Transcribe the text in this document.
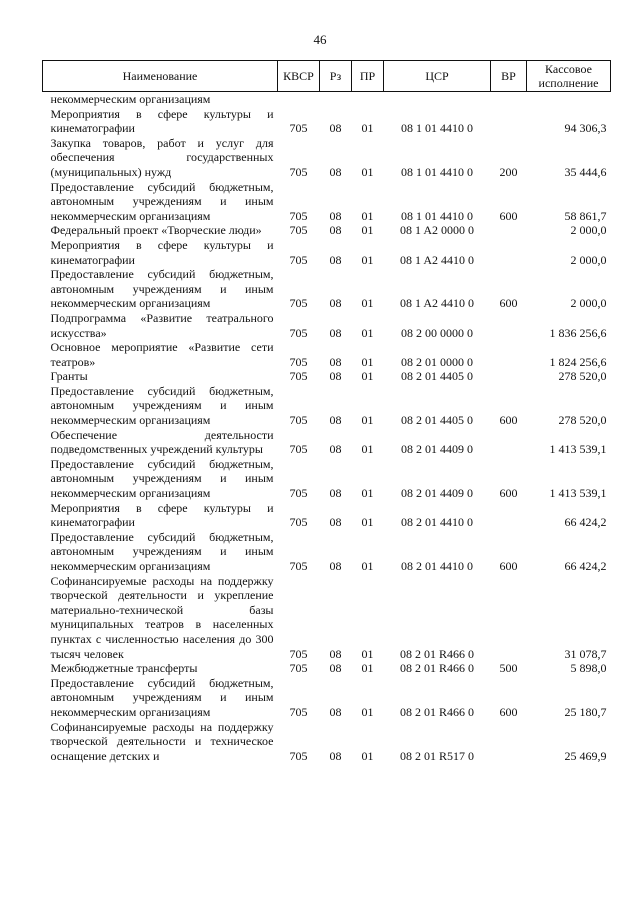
46
Наименование	КВСР	Рз	ПР	ЦСР	ВР	Кассовое исполнение
некоммерческим организациям						
Мероприятия в сфере культуры и кинематографии	705	08	01	08 1 01 4410 0		94 306,3
Закупка товаров, работ и услуг для обеспечения государственных (муниципальных) нужд	705	08	01	08 1 01 4410 0	200	35 444,6
Предоставление субсидий бюджетным, автономным учреждениям и иным некоммерческим организациям	705	08	01	08 1 01 4410 0	600	58 861,7
Федеральный проект «Творческие люди»	705	08	01	08 1 A2 0000 0		2 000,0
Мероприятия в сфере культуры и кинематографии	705	08	01	08 1 A2 4410 0		2 000,0
Предоставление субсидий бюджетным, автономным учреждениям и иным некоммерческим организациям	705	08	01	08 1 A2 4410 0	600	2 000,0
Подпрограмма «Развитие театрального искусства»	705	08	01	08 2 00 0000 0		1 836 256,6
Основное мероприятие «Развитие сети театров»	705	08	01	08 2 01 0000 0		1 824 256,6
Гранты	705	08	01	08 2 01 4405 0		278 520,0
Предоставление субсидий бюджетным, автономным учреждениям и иным некоммерческим организациям	705	08	01	08 2 01 4405 0	600	278 520,0
Обеспечение деятельности подведомственных учреждений культуры	705	08	01	08 2 01 4409 0		1 413 539,1
Предоставление субсидий бюджетным, автономным учреждениям и иным некоммерческим организациям	705	08	01	08 2 01 4409 0	600	1 413 539,1
Мероприятия в сфере культуры и кинематографии	705	08	01	08 2 01 4410 0		66 424,2
Предоставление субсидий бюджетным, автономным учреждениям и иным некоммерческим организациям	705	08	01	08 2 01 4410 0	600	66 424,2
Софинансируемые расходы на поддержку творческой деятельности и укрепление материально-технической базы муниципальных театров в населенных пунктах с численностью населения до 300 тысяч человек	705	08	01	08 2 01 R466 0		31 078,7
Межбюджетные трансферты	705	08	01	08 2 01 R466 0	500	5 898,0
Предоставление субсидий бюджетным, автономным учреждениям и иным некоммерческим организациям	705	08	01	08 2 01 R466 0	600	25 180,7
Софинансируемые расходы на поддержку творческой деятельности и техническое оснащение детских и	705	08	01	08 2 01 R517 0		25 469,9
